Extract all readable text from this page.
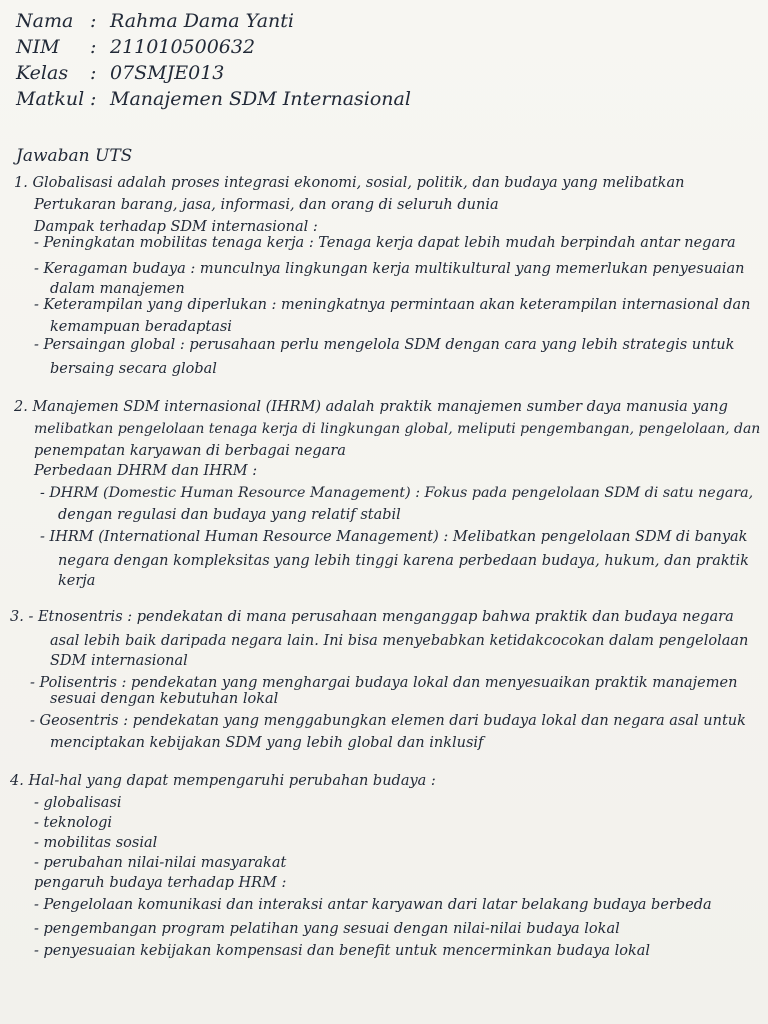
Nama : Rahma Dama Yanti
NIM	: 211010500632
Kelas	: 07SMJE013
Matkul : Manajemen SDM Internasional
Jawaban UTS
1. Globalisasi adalah proses integrasi ekonomi, sosial, politik, dan budaya yang melibatkan
Pertukaran barang, jasa, informasi, dan orang di seluruh dunia
Dampak terhadap SDM internasional :
- Peningkatan mobilitas tenaga kerja : Tenaga kerja dapat lebih mudah berpindah antar negara
- Keragaman budaya : munculnya lingkungan kerja multikultural yang memerlukan penyesuaian
dalam manajemen
- Keterampilan yang diperlukan : meningkatnya permintaan akan keterampilan internasional dan
kemampuan beradaptasi
- Persaingan global : perusahaan perlu mengelola SDM dengan cara yang lebih strategis untuk
bersaing secara global
2. Manajemen SDM internasional (IHRM) adalah praktik manajemen sumber daya manusia yang
melibatkan pengelolaan tenaga kerja di lingkungan global, meliputi pengembangan, pengelolaan, dan
penempatan karyawan di berbagai negara
Perbedaan DHRM dan IHRM :
- DHRM (Domestic Human Resource Management) : Fokus pada pengelolaan SDM di satu negara,
dengan regulasi dan budaya yang relatif stabil
- IHRM (International Human Resource Management) : Melibatkan pengelolaan SDM di banyak
negara dengan kompleksitas yang lebih tinggi karena perbedaan budaya, hukum, dan praktik
kerja
3. - Etnosentris : pendekatan di mana perusahaan menganggap bahwa praktik dan budaya negara
asal lebih baik daripada negara lain. Ini bisa menyebabkan ketidakcocokan dalam pengelolaan
SDM internasional
- Polisentris : pendekatan yang menghargai budaya lokal dan menyesuaikan praktik manajemen
sesuai dengan kebutuhan lokal
- Geosentris : pendekatan yang menggabungkan elemen dari budaya lokal dan negara asal untuk
menciptakan kebijakan SDM yang lebih global dan inklusif
4. Hal-hal yang dapat mempengaruhi perubahan budaya :
- globalisasi
- teknologi
- mobilitas sosial
- perubahan nilai-nilai masyarakat
pengaruh budaya terhadap HRM :
- Pengelolaan komunikasi dan interaksi antar karyawan dari latar belakang budaya berbeda
- pengembangan program pelatihan yang sesuai dengan nilai-nilai budaya lokal
- penyesuaian kebijakan kompensasi dan benefit untuk mencerminkan budaya lokal
